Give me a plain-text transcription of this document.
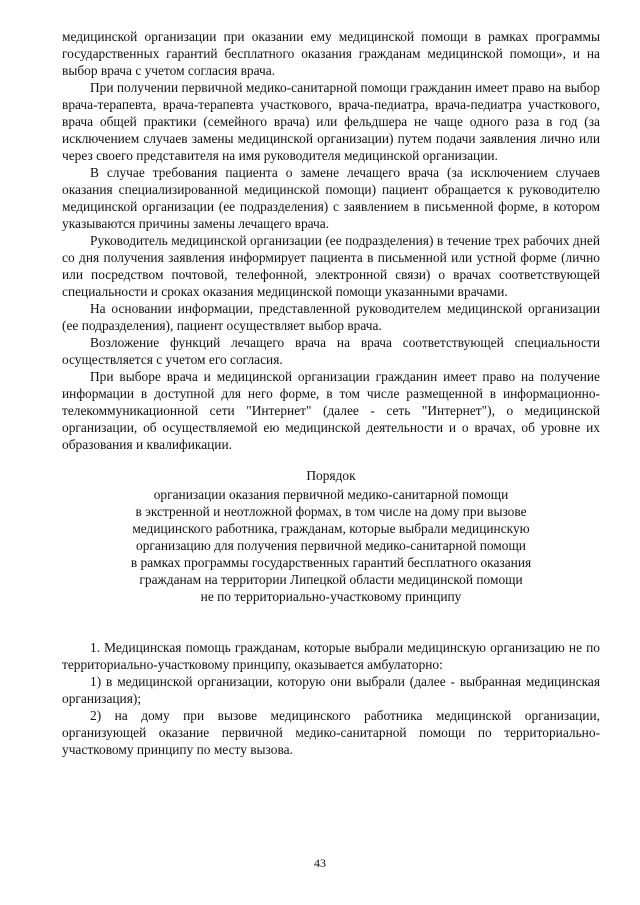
медицинской организации при оказании ему медицинской помощи в рамках программы государственных гарантий бесплатного оказания гражданам медицинской помощи», и на выбор врача с учетом согласия врача.

При получении первичной медико-санитарной помощи гражданин имеет право на выбор врача-терапевта, врача-терапевта участкового, врача-педиатра, врача-педиатра участкового, врача общей практики (семейного врача) или фельдшера не чаще одного раза в год (за исключением случаев замены медицинской организации) путем подачи заявления лично или через своего представителя на имя руководителя медицинской организации.

В случае требования пациента о замене лечащего врача (за исключением случаев оказания специализированной медицинской помощи) пациент обращается к руководителю медицинской организации (ее подразделения) с заявлением в письменной форме, в котором указываются причины замены лечащего врача.

Руководитель медицинской организации (ее подразделения) в течение трех рабочих дней со дня получения заявления информирует пациента в письменной или устной форме (лично или посредством почтовой, телефонной, электронной связи) о врачах соответствующей специальности и сроках оказания медицинской помощи указанными врачами.

На основании информации, представленной руководителем медицинской организации (ее подразделения), пациент осуществляет выбор врача.

Возложение функций лечащего врача на врача соответствующей специальности осуществляется с учетом его согласия.

При выборе врача и медицинской организации гражданин имеет право на получение информации в доступной для него форме, в том числе размещенной в информационно-телекоммуникационной сети "Интернет" (далее - сеть "Интернет"), о медицинской организации, об осуществляемой ею медицинской деятельности и о врачах, об уровне их образования и квалификации.

Порядок
организации оказания первичной медико-санитарной помощи
в экстренной и неотложной формах, в том числе на дому при вызове
медицинского работника, гражданам, которые выбрали медицинскую
организацию для получения первичной медико-санитарной помощи
в рамках программы государственных гарантий бесплатного оказания
гражданам на территории Липецкой области медицинской помощи
не по территориально-участковому принципу

1. Медицинская помощь гражданам, которые выбрали медицинскую организацию не по территориально-участковому принципу, оказывается амбулаторно:

1) в медицинской организации, которую они выбрали (далее - выбранная медицинская организация);

2) на дому при вызове медицинского работника медицинской организации, организующей оказание первичной медико-санитарной помощи по территориально-участковому принципу по месту вызова.

43
